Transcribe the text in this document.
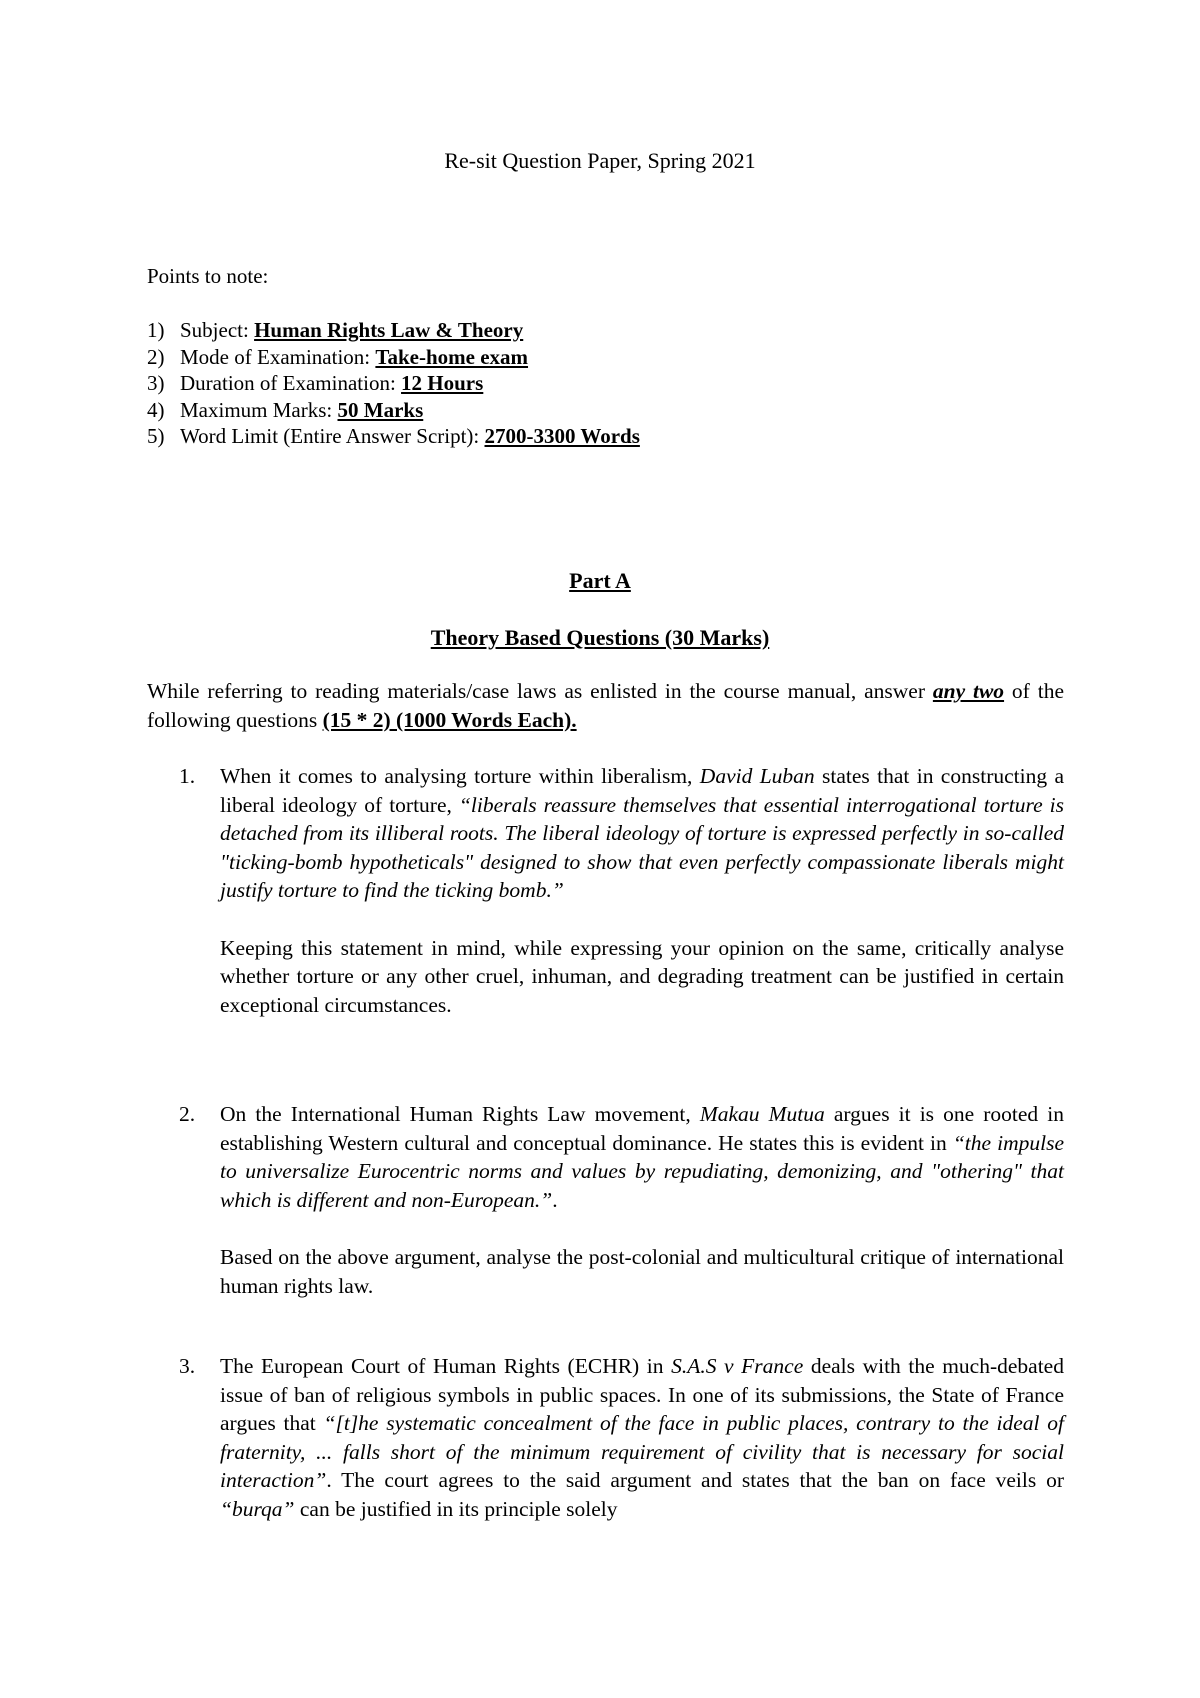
Re-sit Question Paper, Spring 2021
Points to note:
1) Subject: Human Rights Law & Theory
2) Mode of Examination: Take-home exam
3) Duration of Examination: 12 Hours
4) Maximum Marks: 50 Marks
5) Word Limit (Entire Answer Script): 2700-3300 Words
Part A
Theory Based Questions (30 Marks)
While referring to reading materials/case laws as enlisted in the course manual, answer any two of the following questions (15 * 2) (1000 Words Each).
1. When it comes to analysing torture within liberalism, David Luban states that in constructing a liberal ideology of torture, “liberals reassure themselves that essential interrogational torture is detached from its illiberal roots. The liberal ideology of torture is expressed perfectly in so-called "ticking-bomb hypotheticals" designed to show that even perfectly compassionate liberals might justify torture to find the ticking bomb.”

Keeping this statement in mind, while expressing your opinion on the same, critically analyse whether torture or any other cruel, inhuman, and degrading treatment can be justified in certain exceptional circumstances.

2. On the International Human Rights Law movement, Makau Mutua argues it is one rooted in establishing Western cultural and conceptual dominance. He states this is evident in “the impulse to universalize Eurocentric norms and values by repudiating, demonizing, and "othering" that which is different and non-European.”.

Based on the above argument, analyse the post-colonial and multicultural critique of international human rights law.

3. The European Court of Human Rights (ECHR) in S.A.S v France deals with the much-debated issue of ban of religious symbols in public spaces. In one of its submissions, the State of France argues that “[t]he systematic concealment of the face in public places, contrary to the ideal of fraternity, ... falls short of the minimum requirement of civility that is necessary for social interaction”. The court agrees to the said argument and states that the ban on face veils or “burqa” can be justified in its principle solely
